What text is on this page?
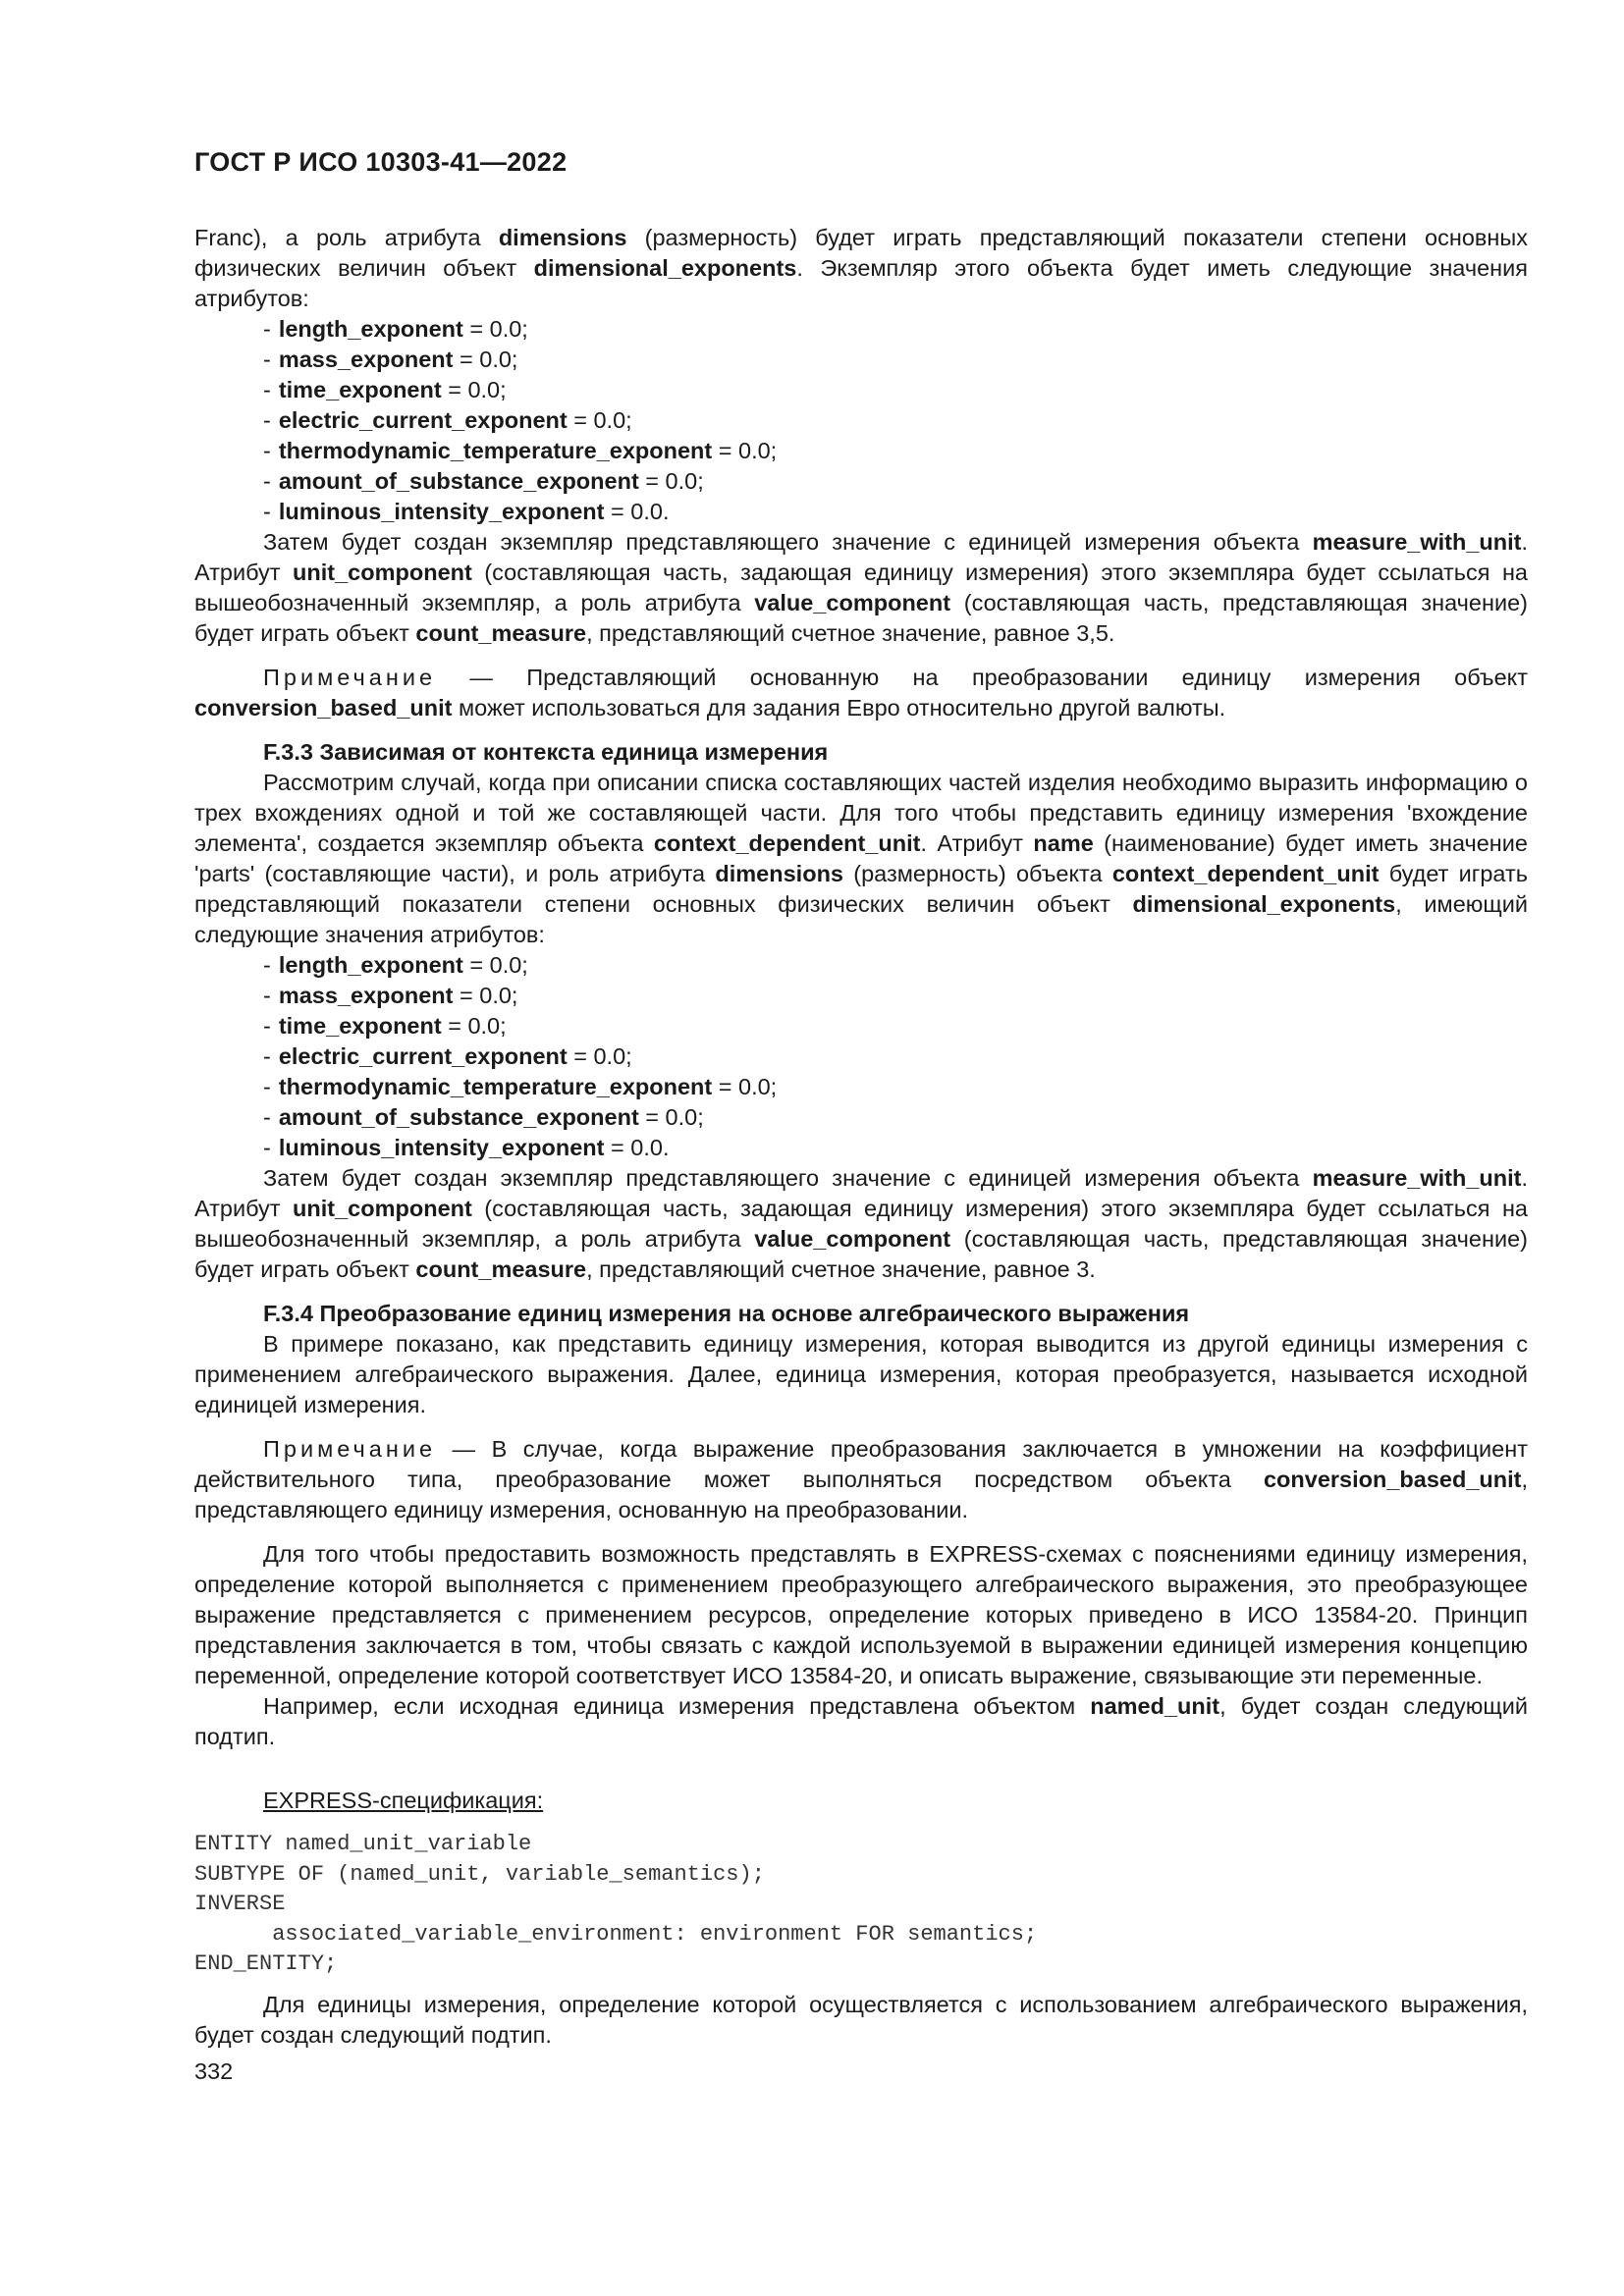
ГОСТ Р ИСО 10303-41—2022

Franc), а роль атрибута dimensions (размерность) будет играть представляющий показатели степени основных физических величин объект dimensional_exponents. Экземпляр этого объекта будет иметь следующие значения атрибутов:

- length_exponent = 0.0;
- mass_exponent = 0.0;
- time_exponent = 0.0;
- electric_current_exponent = 0.0;
- thermodynamic_temperature_exponent = 0.0;
- amount_of_substance_exponent = 0.0;
- luminous_intensity_exponent = 0.0.

Затем будет создан экземпляр представляющего значение с единицей измерения объекта measure_with_unit. Атрибут unit_component (составляющая часть, задающая единицу измерения) этого экземпляра будет ссылаться на вышеобозначенный экземпляр, а роль атрибута value_component (составляющая часть, представляющая значение) будет играть объект count_measure, представляющий счетное значение, равное 3,5.

Примечание — Представляющий основанную на преобразовании единицу измерения объект conversion_based_unit может использоваться для задания Евро относительно другой валюты.

F.3.3 Зависимая от контекста единица измерения

Рассмотрим случай, когда при описании списка составляющих частей изделия необходимо выразить информацию о трех вхождениях одной и той же составляющей части. Для того чтобы представить единицу измерения 'вхождение элемента', создается экземпляр объекта context_dependent_unit. Атрибут name (наименование) будет иметь значение 'parts' (составляющие части), и роль атрибута dimensions (размерность) объекта context_dependent_unit будет играть представляющий показатели степени основных физических величин объект dimensional_exponents, имеющий следующие значения атрибутов:

- length_exponent = 0.0;
- mass_exponent = 0.0;
- time_exponent = 0.0;
- electric_current_exponent = 0.0;
- thermodynamic_temperature_exponent = 0.0;
- amount_of_substance_exponent = 0.0;
- luminous_intensity_exponent = 0.0.

Затем будет создан экземпляр представляющего значение с единицей измерения объекта measure_with_unit. Атрибут unit_component (составляющая часть, задающая единицу измерения) этого экземпляра будет ссылаться на вышеобозначенный экземпляр, а роль атрибута value_component (составляющая часть, представляющая значение) будет играть объект count_measure, представляющий счетное значение, равное 3.

F.3.4 Преобразование единиц измерения на основе алгебраического выражения

В примере показано, как представить единицу измерения, которая выводится из другой единицы измерения с применением алгебраического выражения. Далее, единица измерения, которая преобразуется, называется исходной единицей измерения.

Примечание — В случае, когда выражение преобразования заключается в умножении на коэффициент действительного типа, преобразование может выполняться посредством объекта conversion_based_unit, представляющего единицу измерения, основанную на преобразовании.

Для того чтобы предоставить возможность представлять в EXPRESS-схемах с пояснениями единицу измерения, определение которой выполняется с применением преобразующего алгебраического выражения, это преобразующее выражение представляется с применением ресурсов, определение которых приведено в ИСО 13584-20. Принцип представления заключается в том, чтобы связать с каждой используемой в выражении единицей измерения концепцию переменной, определение которой соответствует ИСО 13584-20, и описать выражение, связывающие эти переменные.

Например, если исходная единица измерения представлена объектом named_unit, будет создан следующий подтип.

EXPRESS-спецификация:
ENTITY named_unit_variable
SUBTYPE OF (named_unit, variable_semantics);
INVERSE
associated_variable_environment: environment FOR semantics;
END_ENTITY;

Для единицы измерения, определение которой осуществляется с использованием алгебраического выражения, будет создан следующий подтип.

332
